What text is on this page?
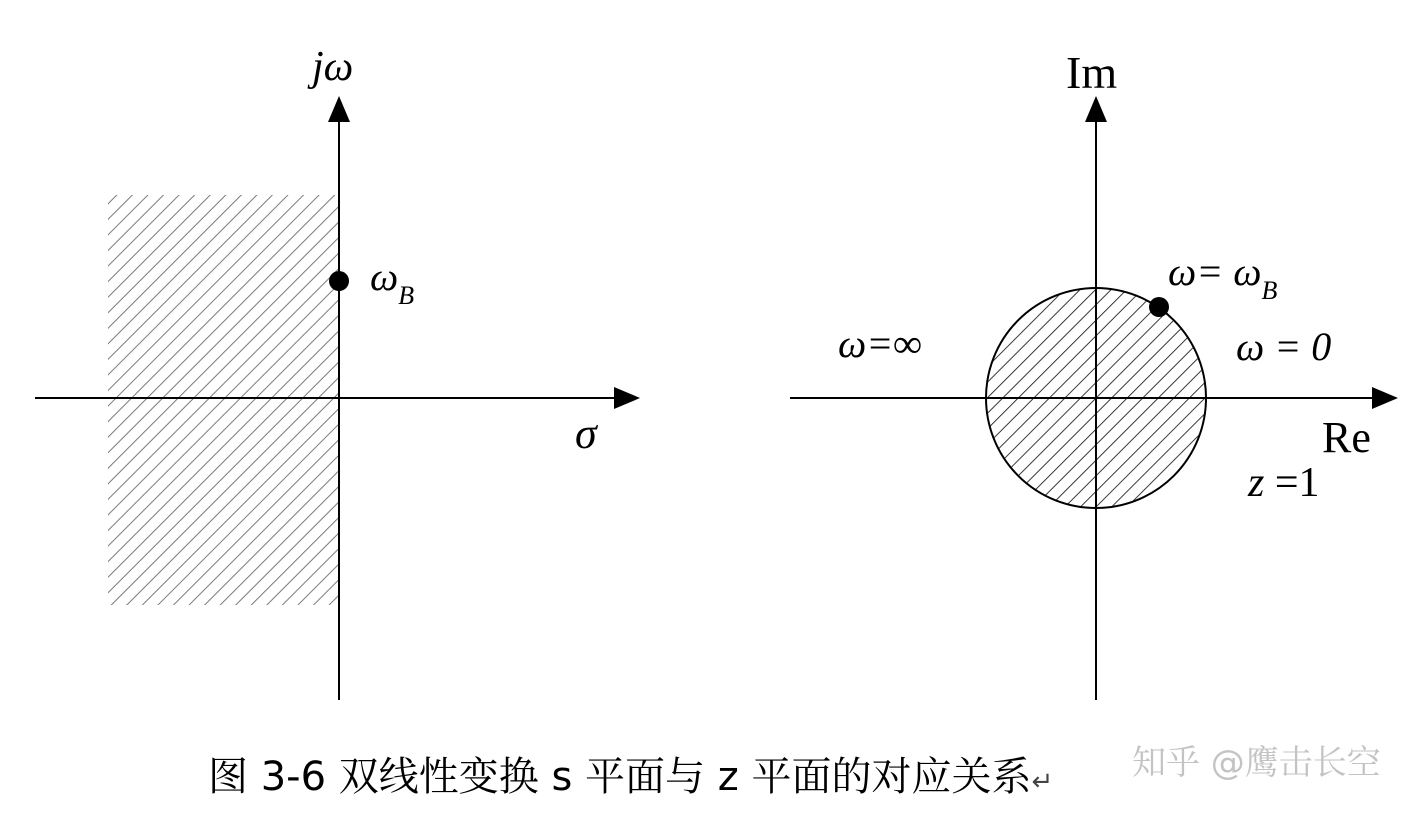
jω
σ
$\omega_B$
Im
Re
$\omega= \omega_B$
ω=∞	ω = 0
z =1
图 3-6 双线性变换 s 平面与 z 平面的对应关系↵ 知乎 @鹰击长空
